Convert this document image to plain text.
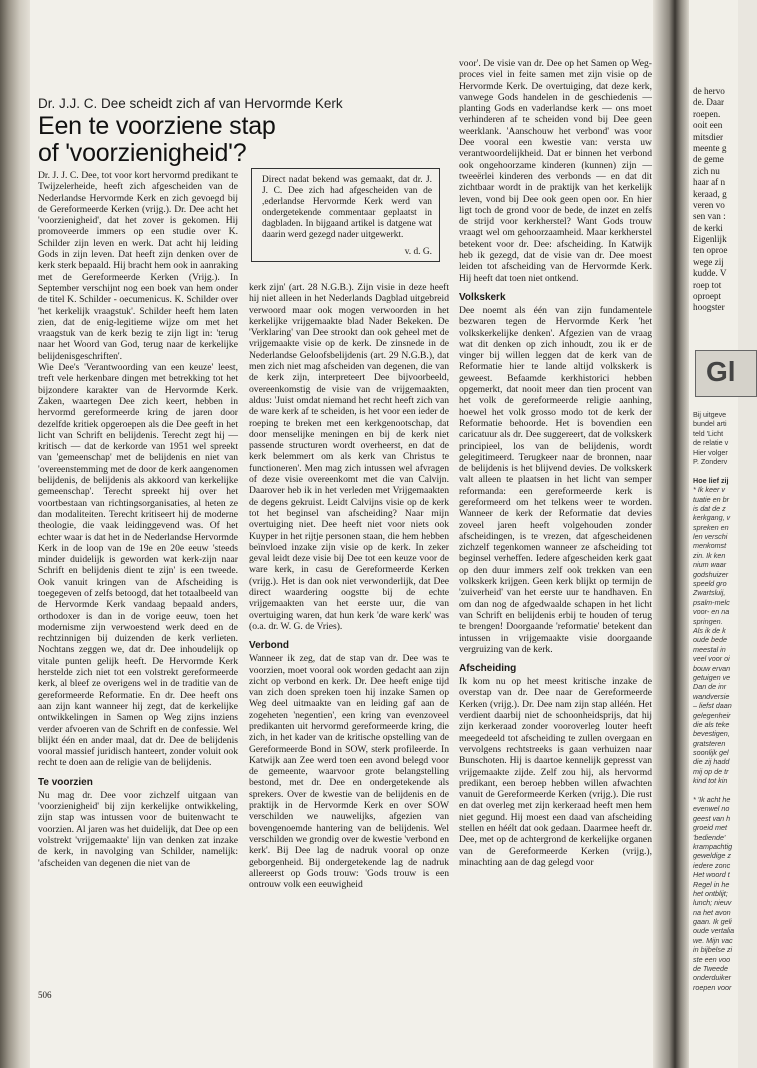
de hervo
de. Daar
roepen.
ooit een
mitsdier
meente g
de geme
zich nu
haar af n
keraad, g
veren vo
sen van :
de kerki
Eigenlijk
ten oproe
wege zij
kudde. V
roep tot
oproept
hoogster
Gl
Bij uitgeve
bundel arti
teld 'Licht
de relatie v
Hier volger
P. Zonderv
Hoe lief zij
* Ik keer v
tuatie en br
is dat de z
kerkgang, v
spreken en
len verschi
menkomst
zin. Ik ken
nium waar
godshuizer
speeld gro
Zwartsluij,
psalm-melc
voor- en na
springen.
Als ik de k
oude bede
meestal in
veel voor oi
bouw ervan
getuigen ve
Dan de inr
wandversie
– liefst daan
gelegenheir
die als teke
bevestigen,
gratsteren
soonlijk gel
die zij hadd
mij op de tr
kind tot kin
* 'Ik acht he
evenwel no
geest van h
groeid met
'bediende'
krampachtig
geweldige z
iedere zonc
Het woord t
Regel in he
het ontblijt;
lunch; nieuv
na het avon
gaan. Ik geli
oude vertalia
we. Mijn vac
in bijbelse zi
ste een voo
de Tweede
onderduiker
roepen voor
Dr. J.J. C. Dee scheidt zich af van Hervormde Kerk
Een te voorziene stap
of 'voorzienigheid'?

Dr. J. J. C. Dee, tot voor kort hervormd predikant te Twijzelerheide, heeft zich afgescheiden van de Nederlandse Hervormde Kerk en zich gevoegd bij de Gereformeerde Kerken (vrijg.). Dr. Dee acht het 'voorzienigheid', dat het zover is gekomen. Hij promoveerde immers op een studie over K. Schilder zijn leven en werk. Dat acht hij leiding Gods in zijn leven. Dat heeft zijn denken over de kerk sterk bepaald. Hij bracht hem ook in aanraking met de Gereformeerde Kerken (Vrijg.). In September verschijnt nog een boek van hem onder de titel K. Schilder - oecumenicus. K. Schilder over 'het kerkelijk vraagstuk'. Schilder heeft hem laten zien, dat de enig-legitieme wijze om met het vraagstuk van de kerk bezig te zijn ligt in: 'terug naar het Woord van God, terug naar de kerkelijke belijdenisgeschriften'.

Wie Dee's 'Verantwoording van een keuze' leest, treft vele herkenbare dingen met betrekking tot het bijzondere karakter van de Hervormde Kerk. Zaken, waartegen Dee zich keert, hebben in hervormd gereformeerde kring de jaren door dezelfde kritiek opgeroepen als die Dee geeft in het licht van Schrift en belijdenis. Terecht zegt hij — kritisch — dat de kerkorde van 1951 wel spreekt van 'gemeenschap' met de belijdenis en niet van 'overeenstemming met de door de kerk aangenomen belijdenis, de belijdenis als akkoord van kerkelijke gemeenschap'. Terecht spreekt hij over het voortbestaan van richtingsorganisaties, al heten ze dan modaliteiten. Terecht kritiseert hij de moderne theologie, die vaak leidinggevend was. Of het echter waar is dat het in de Nederlandse Hervormde Kerk in de loop van de 19e en 20e eeuw 'steeds minder duidelijk is geworden wat kerk-zijn naar Schrift en belijdenis dient te zijn' is een tweede. Ook vanuit kringen van de Afscheiding is toegegeven of zelfs betoogd, dat het totaalbeeld van de Hervormde Kerk vandaag bepaald anders, orthodoxer is dan in de vorige eeuw, toen het modernisme zijn verwoestend werk deed en de rechtzinnigen bij duizenden de kerk verlieten. Nochtans zeggen we, dat dr. Dee inhoudelijk op vitale punten gelijk heeft. De Hervormde Kerk herstelde zich niet tot een volstrekt gereformeerde kerk, al bleef ze overigens wel in de traditie van de gereformeerde Reformatie. En dr. Dee heeft ons aan zijn kant wanneer hij zegt, dat de kerkelijke ontwikkelingen in Samen op Weg zijns inziens verder afvoeren van de Schrift en de confessie. Wel blijkt één en ander maal, dat dr. Dee de belijdenis vooral massief juridisch hanteert, zonder voluit ook recht te doen aan de religie van de belijdenis.

Te voorzien

Nu mag dr. Dee voor zichzelf uitgaan van 'voorzienigheid' bij zijn kerkelijke ontwikkeling, zijn stap was intussen voor de buitenwacht te voorzien. Al jaren was het duidelijk, dat Dee op een volstrekt 'vrijgemaakte' lijn van denken zat inzake de kerk, in navolging van Schilder, namelijk: 'afscheiden van degenen die niet van de

Direct nadat bekend was gemaakt, dat dr. J. J. C. Dee zich had afgescheiden van de ,ederlandse Hervormde Kerk werd van ondergetekende commentaar geplaatst in dagbladen. In bijgaand artikel is datgene wat daarin werd gezegd nader uitgewerkt.
v. d. G.

kerk zijn' (art. 28 N.G.B.). Zijn visie in deze heeft hij niet alleen in het Nederlands Dagblad uitgebreid verwoord maar ook mogen verwoorden in het kerkelijke vrijgemaakte blad Nader Bekeken. De 'Verklaring' van Dee strookt dan ook geheel met de vrijgemaakte visie op de kerk. De zinsnede in de Nederlandse Geloofsbelijdenis (art. 29 N.G.B.), dat men zich niet mag afscheiden van degenen, die van de kerk zijn, interpreteert Dee bijvoorbeeld, overeenkomstig de visie van de vrijgemaakten, aldus: 'Juist omdat niemand het recht heeft zich van de ware kerk af te scheiden, is het voor een ieder de roeping te breken met een kerkgenootschap, dat door menselijke meningen en bij de kerk niet passende structuren wordt overheerst, en dat de kerk belemmert om als kerk van Christus te functioneren'. Men mag zich intussen wel afvragen of deze visie overeenkomt met die van Calvijn. Daarover heb ik in het verleden met Vrijgemaakten de degens gekruist. Leidt Calvijns visie op de kerk tot het beginsel van afscheiding? Naar mijn overtuiging niet. Dee heeft niet voor niets ook Kuyper in het rijtje personen staan, die hem hebben beïnvloed inzake zijn visie op de kerk. In zeker geval leidt deze visie bij Dee tot een keuze voor de ware kerk, in casu de Gereformeerde Kerken (vrijg.). Het is dan ook niet verwonderlijk, dat Dee direct waardering oogstte bij de echte vrijgemaakten van het eerste uur, die van overtuiging waren, dat hun kerk 'de ware kerk' was (o.a. dr. W. G. de Vries).

Verbond

Wanneer ik zeg, dat de stap van dr. Dee was te voorzien, moet vooral ook worden gedacht aan zijn zicht op verbond en kerk. Dr. Dee heeft enige tijd van zich doen spreken toen hij inzake Samen op Weg deel uitmaakte van en leiding gaf aan de zogeheten 'negentien', een kring van evenzoveel predikanten uit hervormd gereformeerde kring, die zich, in het kader van de kritische opstelling van de Gereformeerde Bond in SOW, sterk profileerde. In Katwijk aan Zee werd toen een avond belegd voor de gemeente, waarvoor grote belangstelling bestond, met dr. Dee en ondergetekende als sprekers. Over de kwestie van de belijdenis en de praktijk in de Hervormde Kerk en over SOW verschilden we nauwelijks, afgezien van bovengenoemde hantering van de belijdenis. Wel verschilden we grondig over de kwestie 'verbond en kerk'. Bij Dee lag de nadruk vooral op onze geborgenheid. Bij ondergetekende lag de nadruk allereerst op Gods trouw: 'Gods trouw is een ontrouw volk een eeuwigheid

voor'. De visie van dr. Dee op het Samen op Weg-proces viel in feite samen met zijn visie op de Hervormde Kerk. De overtuiging, dat deze kerk, vanwege Gods handelen in de geschiedenis — planting Gods en vaderlandse kerk — ons moet verhinderen af te scheiden vond bij Dee geen weerklank. 'Aanschouw het verbond' was voor Dee vooral een kwestie van: versta uw verantwoordelijkheid. Dat er binnen het verbond ook ongehoorzame kinderen (kunnen) zijn — tweeërlei kinderen des verbonds — en dat dit zichtbaar wordt in de praktijk van het kerkelijk leven, vond bij Dee ook geen open oor. En hier ligt toch de grond voor de bede, de inzet en zelfs de strijd voor kerkherstel? Want Gods trouw vraagt wel om gehoorzaamheid. Maar kerkherstel betekent voor dr. Dee: afscheiding. In Katwijk heb ik gezegd, dat de visie van dr. Dee moest leiden tot afscheiding van de Hervormde Kerk. Hij heeft dat toen niet ontkend.

Volkskerk

Dee noemt als één van zijn fundamentele bezwaren tegen de Hervormde Kerk 'het volkskerkelijke denken'. Afgezien van de vraag wat dit denken op zich inhoudt, zou ik er de vinger bij willen leggen dat de kerk van de Reformatie hier te lande altijd volkskerk is geweest. Befaamde kerkhistorici hebben opgemerkt, dat nooit meer dan tien procent van het volk de gereformeerde religie aanhing, hoewel het volk grosso modo tot de kerk der Reformatie behoorde. Het is bovendien een caricatuur als dr. Dee suggereert, dat de volkskerk principieel, los van de belijdenis, wordt gelegitimeerd. Terugkeer naar de bronnen, naar de belijdenis is het blijvend devies. De volkskerk valt alleen te plaatsen in het licht van semper reformanda: een gereformeerde kerk is gereformeerd om het telkens weer te worden. Wanneer de kerk der Reformatie dat devies zoveel jaren heeft volgehouden zonder afscheidingen, is te vrezen, dat afgescheidenen zichzelf tegenkomen wanneer ze afscheiding tot beginsel verheffen. Iedere afgescheiden kerk gaat op den duur immers zelf ook trekken van een volkskerk krijgen. Geen kerk blijkt op termijn de 'zuiverheid' van het eerste uur te handhaven. En om dan nog de afgedwaalde schapen in het licht van Schrift en belijdenis erbij te houden of terug te brengen! Doorgaande 'reformatie' betekent dan intussen in vrijgemaakte visie doorgaande vergruizing van de kerk.

Afscheiding

Ik kom nu op het meest kritische inzake de overstap van dr. Dee naar de Gereformeerde Kerken (vrijg.). Dr. Dee nam zijn stap alléén. Het verdient daarbij niet de schoonheidsprijs, dat hij zijn kerkeraad zonder vooroverleg louter heeft meegedeeld tot afscheiding te zullen overgaan en vervolgens rechtstreeks is gaan verhuizen naar Bunschoten. Hij is daartoe kennelijk gepresst van vrijgemaakte zijde. Zelf zou hij, als hervormd predikant, een beroep hebben willen afwachten vanuit de Gereformeerde Kerken (vrijg.). Die rust en dat overleg met zijn kerkeraad heeft men hem niet gegund. Hij moest een daad van afscheiding stellen en héélt dat ook gedaan. Daarmee heeft dr. Dee, met op de achtergrond de kerkelijke organen van de Gereformeerde Kerken (vrijg.), minachting aan de dag gelegd voor

506
